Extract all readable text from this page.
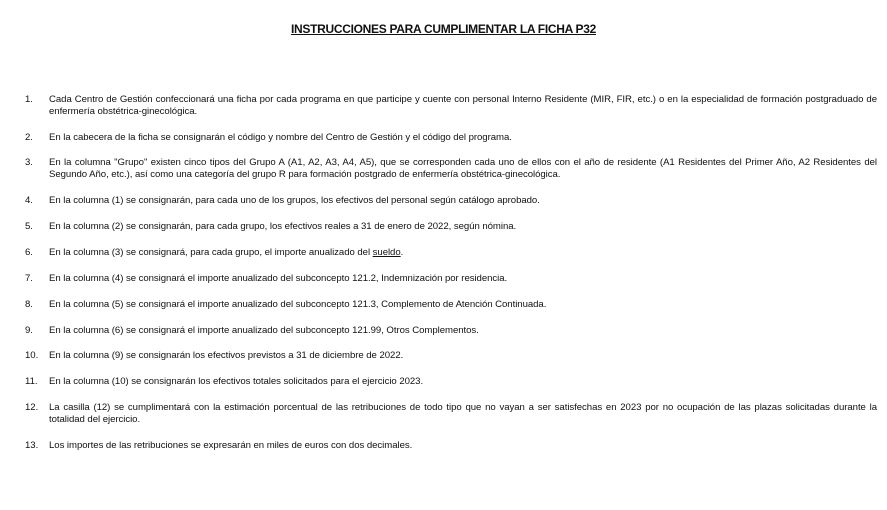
INSTRUCCIONES PARA CUMPLIMENTAR LA FICHA P32
1.	Cada Centro de Gestión confeccionará una ficha por cada programa en que participe y cuente con personal Interno Residente (MIR, FIR, etc.) o en la especialidad de formación postgraduado de enfermería obstétrica-ginecológica.
2.	En la cabecera de la ficha se consignarán el código y nombre del Centro de Gestión y el código del programa.
3.	En la columna "Grupo" existen cinco tipos del Grupo A (A1, A2, A3, A4, A5), que se corresponden cada uno de ellos con el año de residente (A1 Residentes del Primer Año, A2 Residentes del Segundo Año, etc.), así como una categoría del grupo R para formación postgrado de enfermería obstétrica-ginecológica.
4.	En la columna (1) se consignarán, para cada uno de los grupos, los efectivos del personal según catálogo aprobado.
5.	En la columna (2) se consignarán, para cada grupo, los efectivos reales a 31 de enero de 2022, según nómina.
6.	En la columna (3) se consignará, para cada grupo, el importe anualizado del sueldo.
7.	En la columna (4) se consignará el importe anualizado del subconcepto 121.2, Indemnización por residencia.
8.	En la columna (5) se consignará el importe anualizado del subconcepto 121.3, Complemento de Atención Continuada.
9.	En la columna (6) se consignará el importe anualizado del subconcepto 121.99, Otros Complementos.
10.	En la columna (9) se consignarán los efectivos previstos a 31 de diciembre de 2022.
11.	En la columna (10) se consignarán los efectivos totales solicitados para el ejercicio 2023.
12.	La casilla (12) se cumplimentará con la estimación porcentual de las retribuciones de todo tipo que no vayan a ser satisfechas en 2023 por no ocupación de las plazas solicitadas durante la totalidad del ejercicio.
13.	Los importes de las retribuciones se expresarán en miles de euros con dos decimales.
